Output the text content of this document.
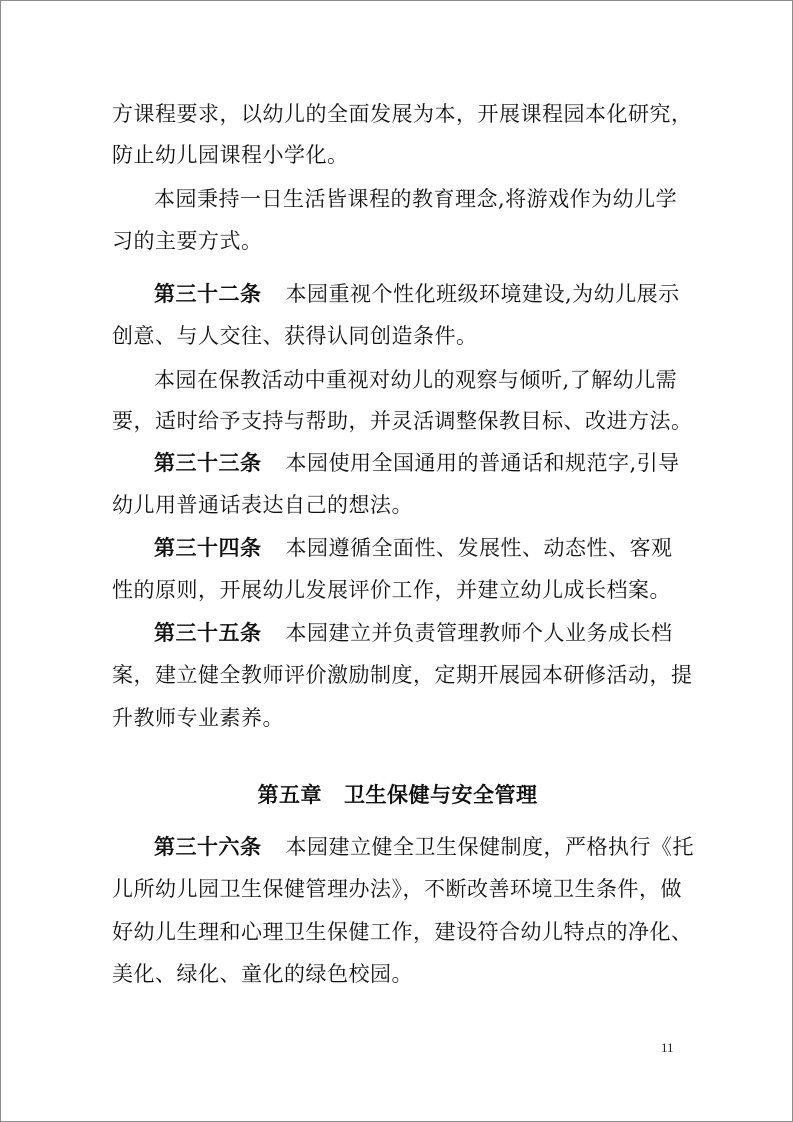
方课程要求，以幼儿的全面发展为本，开展课程园本化研究，

防止幼儿园课程小学化。

本园秉持一日生活皆课程的教育理念,将游戏作为幼儿学

习的主要方式。

第三十二条 本园重视个性化班级环境建设,为幼儿展示

创意、与人交往、获得认同创造条件。

本园在保教活动中重视对幼儿的观察与倾听,了解幼儿需

要，适时给予支持与帮助，并灵活调整保教目标、改进方法。

第三十三条 本园使用全国通用的普通话和规范字,引导

幼儿用普通话表达自己的想法。

第三十四条 本园遵循全面性、发展性、动态性、客观

性的原则，开展幼儿发展评价工作，并建立幼儿成长档案。

第三十五条 本园建立并负责管理教师个人业务成长档

案，建立健全教师评价激励制度，定期开展园本研修活动，提

升教师专业素养。

第五章 卫生保健与安全管理

第三十六条 本园建立健全卫生保健制度，严格执行《托

儿所幼儿园卫生保健管理办法》，不断改善环境卫生条件，做

好幼儿生理和心理卫生保健工作，建设符合幼儿特点的净化、

美化、绿化、童化的绿色校园。

11
